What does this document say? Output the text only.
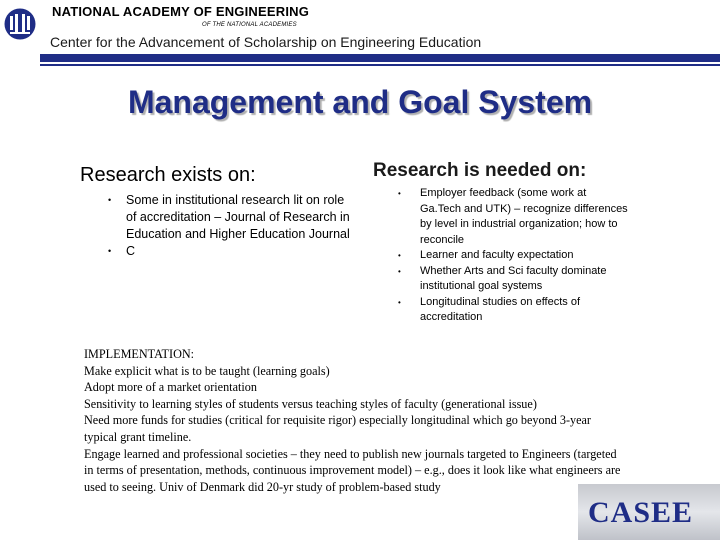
NATIONAL ACADEMY OF ENGINEERING
OF THE NATIONAL ACADEMIES
Center for the Advancement of Scholarship on Engineering Education
Management and Goal System
Research exists on:
• Some in institutional research lit on role of accreditation – Journal of Research in Education and Higher Education Journal
• C
Research is needed on:
• Employer feedback (some work at Ga.Tech and UTK) – recognize differences by level in industrial organization; how to reconcile
• Learner and faculty expectation
• Whether Arts and Sci faculty dominate institutional goal systems
• Longitudinal studies on effects of accreditation

IMPLEMENTATION:

Make explicit what is to be taught (learning goals)

Adopt more of a market orientation

Sensitivity to learning styles of students versus teaching styles of faculty (generational issue)

Need more funds for studies (critical for requisite rigor) especially longitudinal which go beyond 3-year typical grant timeline.

Engage learned and professional societies – they need to publish new journals targeted to Engineers (targeted in terms of presentation, methods, continuous improvement model) – e.g., does it look like what engineers are used to seeing. Univ of Denmark did 20-yr study of problem-based study

CASEE
